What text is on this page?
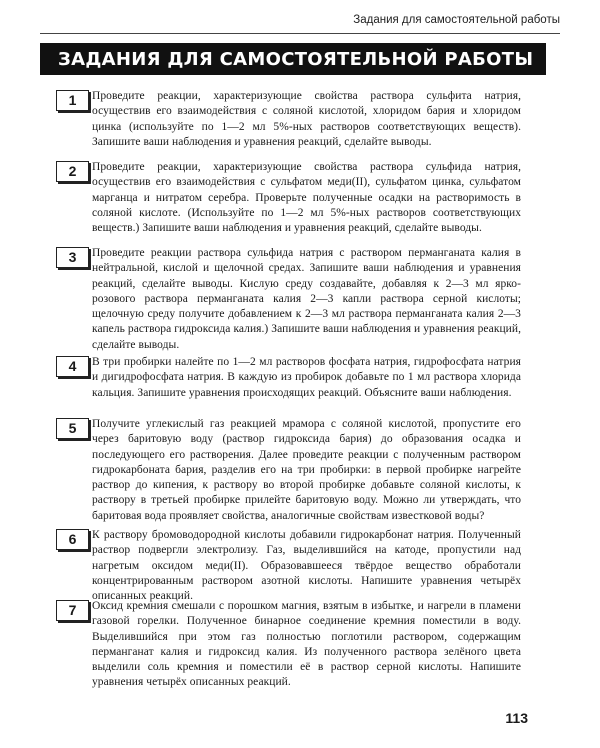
Задания для самостоятельной работы
ЗАДАНИЯ ДЛЯ САМОСТОЯТЕЛЬНОЙ РАБОТЫ
1	Проведите реакции, характеризующие свойства раствора сульфита натрия, осуществив его взаимодействия с соляной кислотой, хлоридом бария и хлоридом цинка (используйте по 1—2 мл 5%-ных растворов соответствующих веществ). Запишите ваши наблюдения и уравнения реакций, сделайте выводы.

2	Проведите реакции, характеризующие свойства раствора сульфида натрия, осуществив его взаимодействия с сульфатом меди(II), сульфатом цинка, сульфатом марганца и нитратом серебра. Проверьте полученные осадки на растворимость в соляной кислоте. (Используйте по 1—2 мл 5%-ных растворов соответствующих веществ.) Запишите ваши наблюдения и уравнения реакций, сделайте выводы.

3	Проведите реакции раствора сульфида натрия с раствором перманганата калия в нейтральной, кислой и щелочной средах. Запишите ваши наблюдения и уравнения реакций, сделайте выводы. Кислую среду создавайте, добавляя к 2—3 мл ярко-розового раствора перманганата калия 2—3 капли раствора серной кислоты; щелочную среду получите добавлением к 2—3 мл раствора перманганата калия 2—3 капель раствора гидроксида калия.) Запишите ваши наблюдения и уравнения реакций, сделайте выводы.

4	В три пробирки налейте по 1—2 мл растворов фосфата натрия, гидрофосфата натрия и дигидрофосфата натрия. В каждую из пробирок добавьте по 1 мл раствора хлорида кальция. Запишите уравнения происходящих реакций. Объясните ваши наблюдения.

5	Получите углекислый газ реакцией мрамора с соляной кислотой, пропустите его через баритовую воду (раствор гидроксида бария) до образования осадка и последующего его растворения. Далее проведите реакции с полученным раствором гидрокарбоната бария, разделив его на три пробирки: в первой пробирке нагрейте раствор до кипения, к раствору во второй пробирке добавьте соляной кислоты, к раствору в третьей пробирке прилейте баритовую воду. Можно ли утверждать, что баритовая вода проявляет свойства, аналогичные свойствам известковой воды?

6	К раствору бромоводородной кислоты добавили гидрокарбонат натрия. Полученный раствор подвергли электролизу. Газ, выделившийся на катоде, пропустили над нагретым оксидом меди(II). Образовавшееся твёрдое вещество обработали концентрированным раствором азотной кислоты. Напишите уравнения четырёх описанных реакций.

7	Оксид кремния смешали с порошком магния, взятым в избытке, и нагрели в пламени газовой горелки. Полученное бинарное соединение кремния поместили в воду. Выделившийся при этом газ полностью поглотили раствором, содержащим перманганат калия и гидроксид калия. Из полученного раствора зелёного цвета выделили соль кремния и поместили её в раствор серной кислоты. Напишите уравнения четырёх описанных реакций.

113
